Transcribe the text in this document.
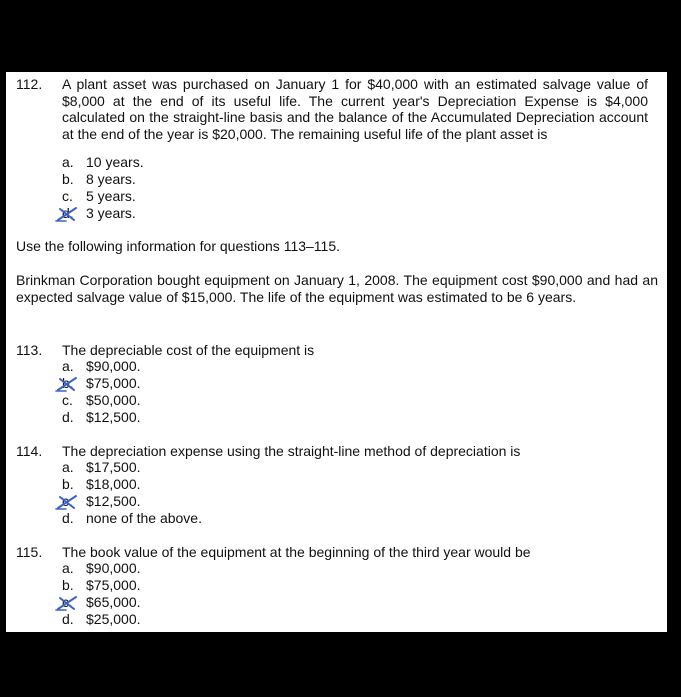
112. A plant asset was purchased on January 1 for $40,000 with an estimated salvage value of $8,000 at the end of its useful life. The current year's Depreciation Expense is $4,000 calculated on the straight-line basis and the balance of the Accumulated Depreciation account at the end of the year is $20,000. The remaining useful life of the plant asset is
a. 10 years.
b. 8 years.
c. 5 years.
d. 3 years.
Use the following information for questions 113–115.
Brinkman Corporation bought equipment on January 1, 2008. The equipment cost $90,000 and had an expected salvage value of $15,000. The life of the equipment was estimated to be 6 years.
113. The depreciable cost of the equipment is
a. $90,000.
b. $75,000.
c. $50,000.
d. $12,500.
114. The depreciation expense using the straight-line method of depreciation is
a. $17,500.
b. $18,000.
c. $12,500.
d. none of the above.
115. The book value of the equipment at the beginning of the third year would be
a. $90,000.
b. $75,000.
c. $65,000.
d. $25,000.
